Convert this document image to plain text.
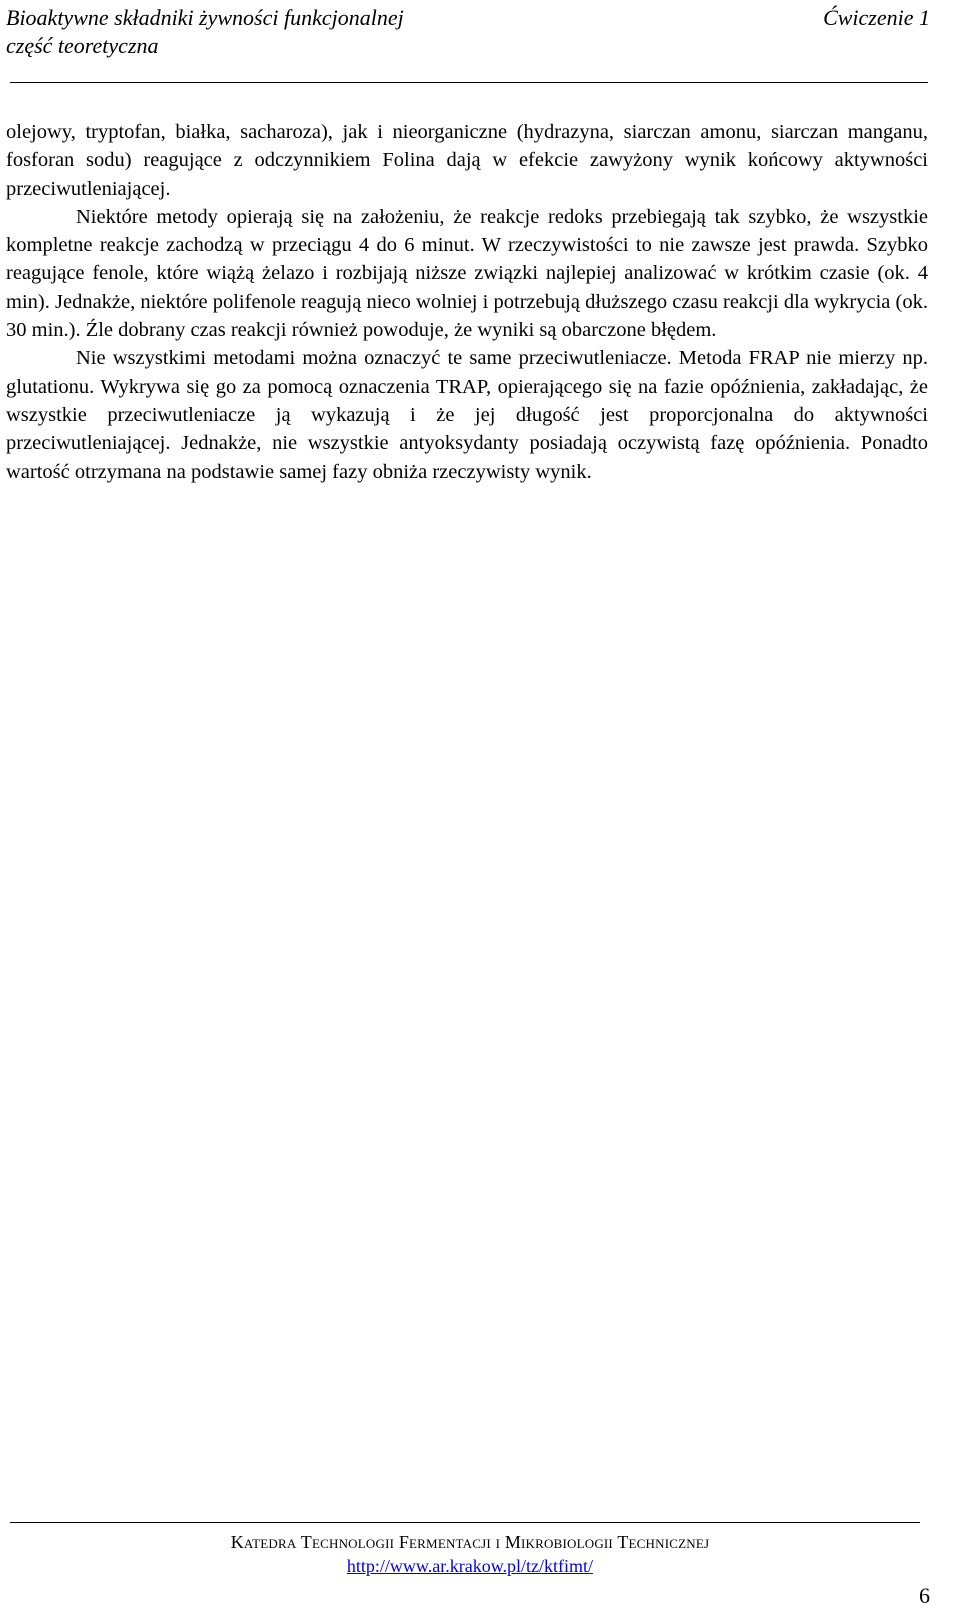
Bioaktywne składniki żywności funkcjonalnej	Ćwiczenie 1
część teoretyczna

olejowy, tryptofan, białka, sacharoza), jak i nieorganiczne (hydrazyna, siarczan amonu, siarczan manganu, fosforan sodu) reagujące z odczynnikiem Folina dają w efekcie zawyżony wynik końcowy aktywności przeciwutleniającej.

Niektóre metody opierają się na założeniu, że reakcje redoks przebiegają tak szybko, że wszystkie kompletne reakcje zachodzą w przeciągu 4 do 6 minut. W rzeczywistości to nie zawsze jest prawda. Szybko reagujące fenole, które wiążą żelazo i rozbijają niższe związki najlepiej analizować w krótkim czasie (ok. 4 min). Jednakże, niektóre polifenole reagują nieco wolniej i potrzebują dłuższego czasu reakcji dla wykrycia (ok. 30 min.). Źle dobrany czas reakcji również powoduje, że wyniki są obarczone błędem.

Nie wszystkimi metodami można oznaczyć te same przeciwutleniacze. Metoda FRAP nie mierzy np. glutationu. Wykrywa się go za pomocą oznaczenia TRAP, opierającego się na fazie opóźnienia, zakładając, że wszystkie przeciwutleniacze ją wykazują i że jej długość jest proporcjonalna do aktywności przeciwutleniającej. Jednakże, nie wszystkie antyoksydanty posiadają oczywistą fazę opóźnienia. Ponadto wartość otrzymana na podstawie samej fazy obniża rzeczywisty wynik.

Katedra Technologii Fermentacji i Mikrobiologii Technicznej
http://www.ar.krakow.pl/tz/ktfimt/
6
